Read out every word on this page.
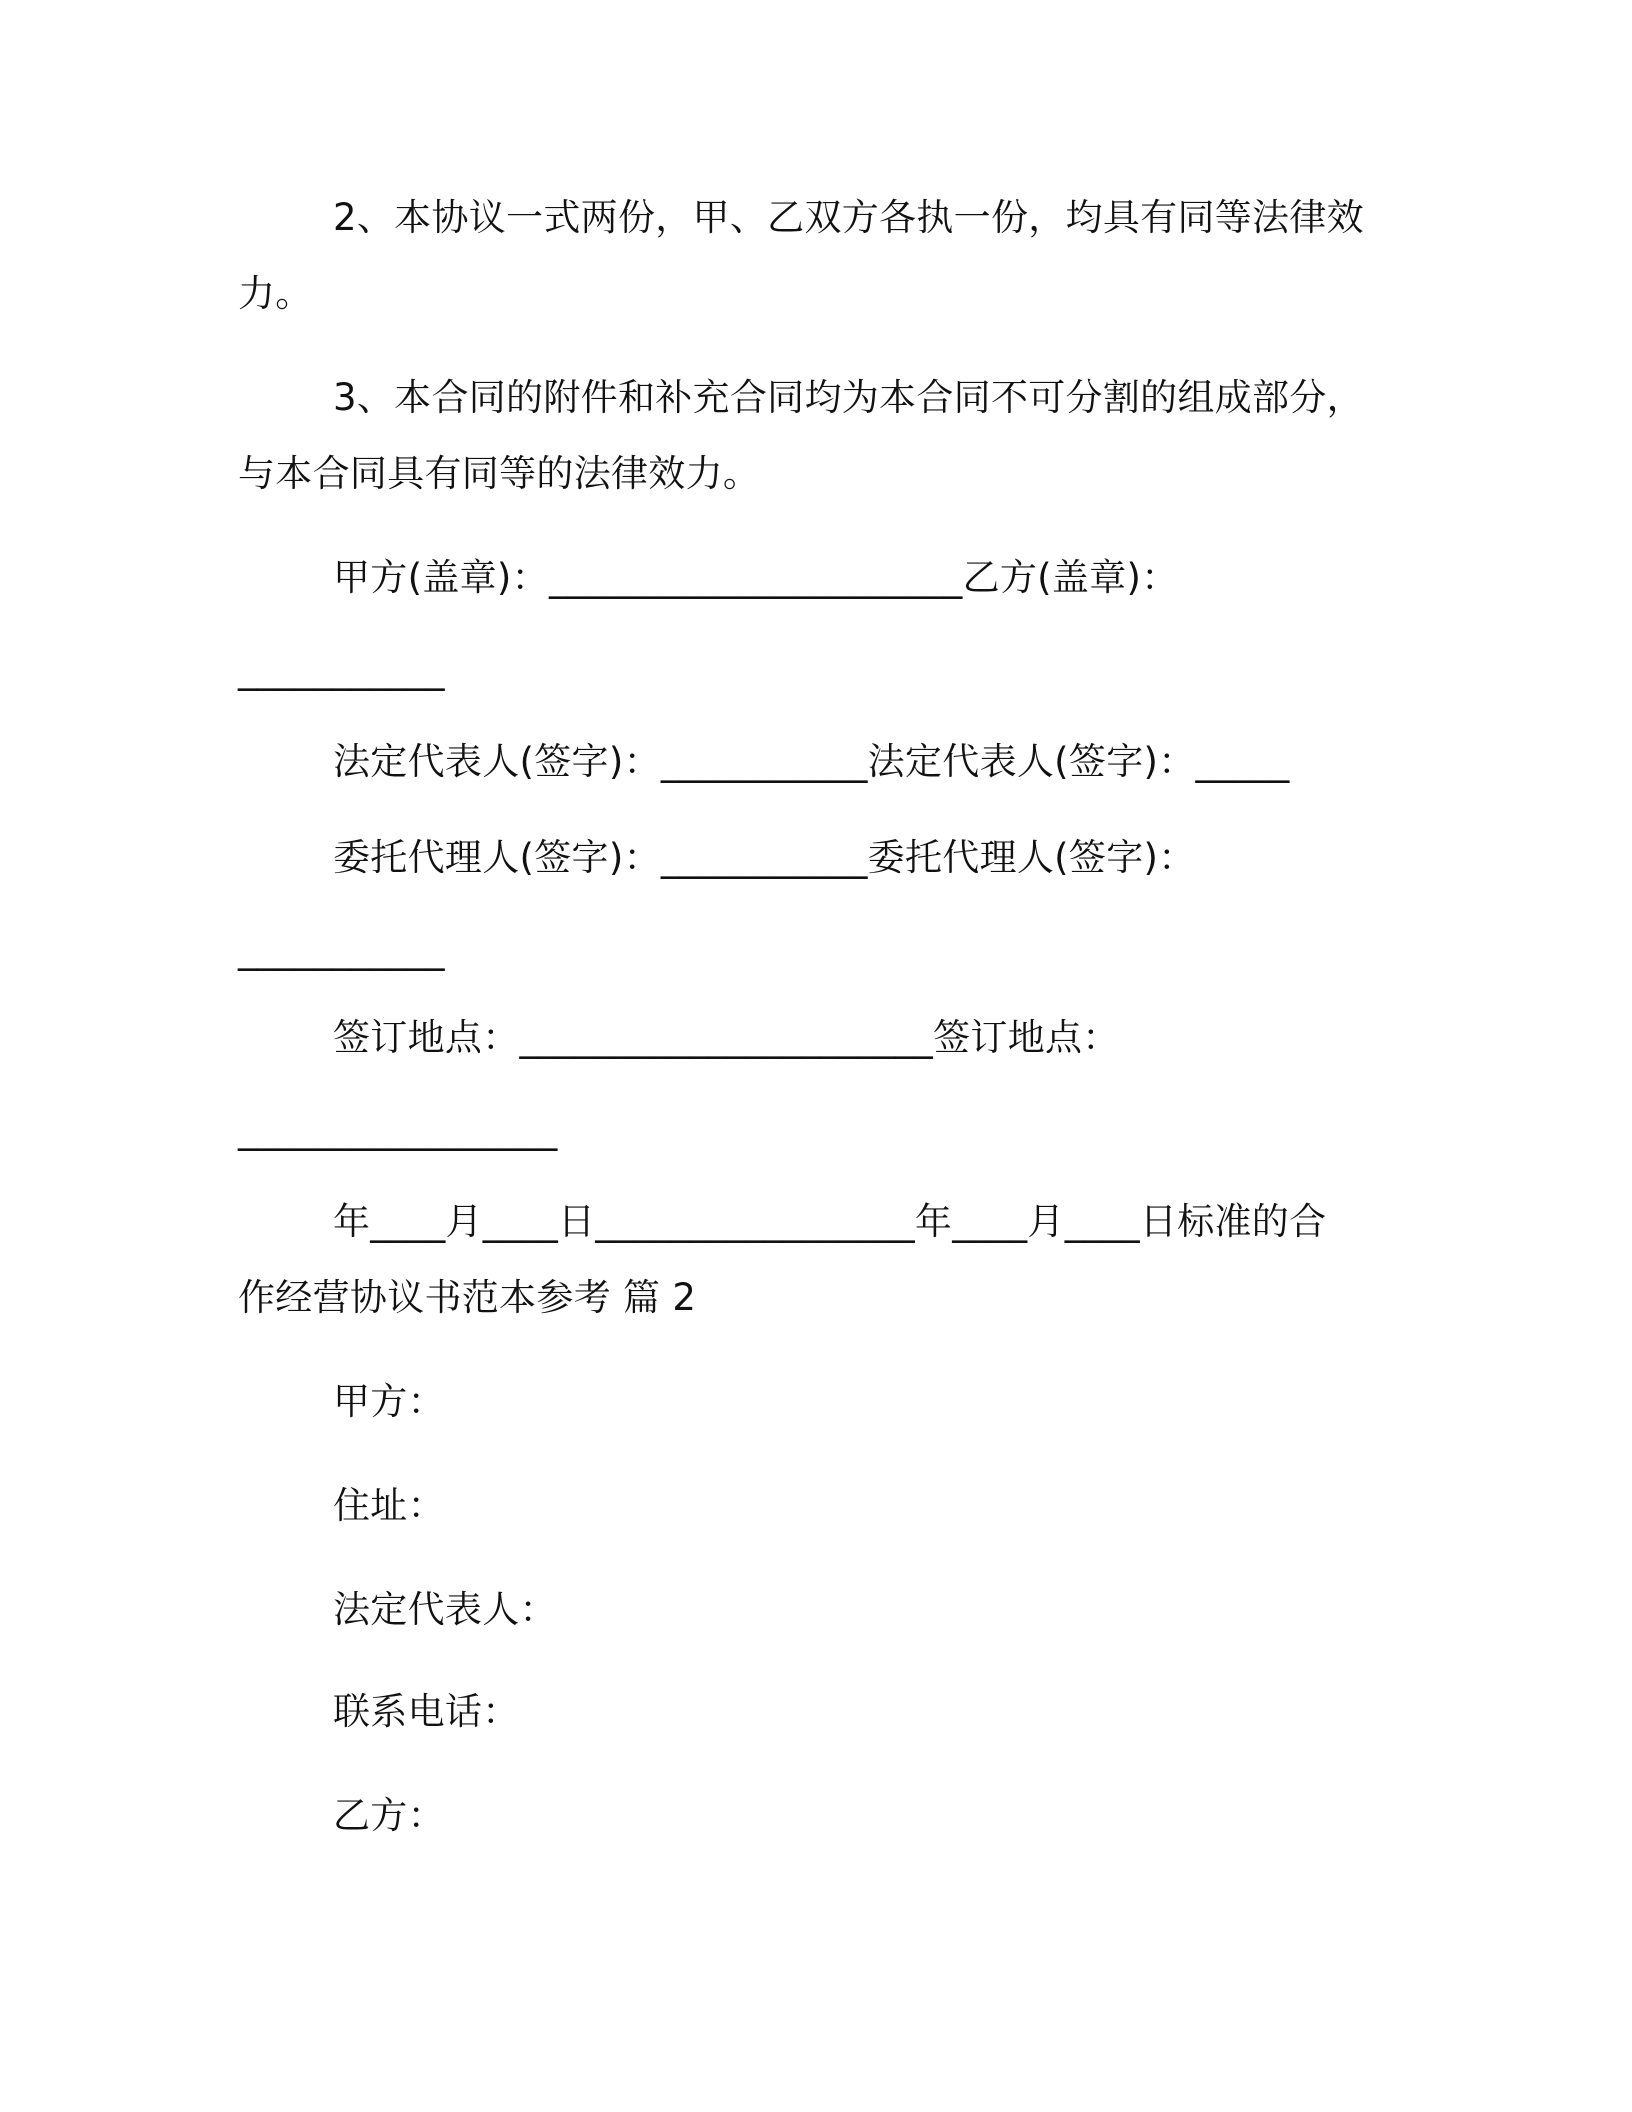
2、本协议一式两份，甲、乙双方各执一份，均具有同等法律效
力。
3、本合同的附件和补充合同均为本合同不可分割的组成部分，
与本合同具有同等的法律效力。
甲方(盖章)：______________________乙方(盖章)：
___________
法定代表人(签字)：___________法定代表人(签字)：_____
委托代理人(签字)：___________委托代理人(签字)：
___________
签订地点：______________________签订地点：
_________________
年____月____日_________________年____月____日标准的合
作经营协议书范本参考 篇 2
甲方：
住址：
法定代表人：
联系电话：
乙方：
